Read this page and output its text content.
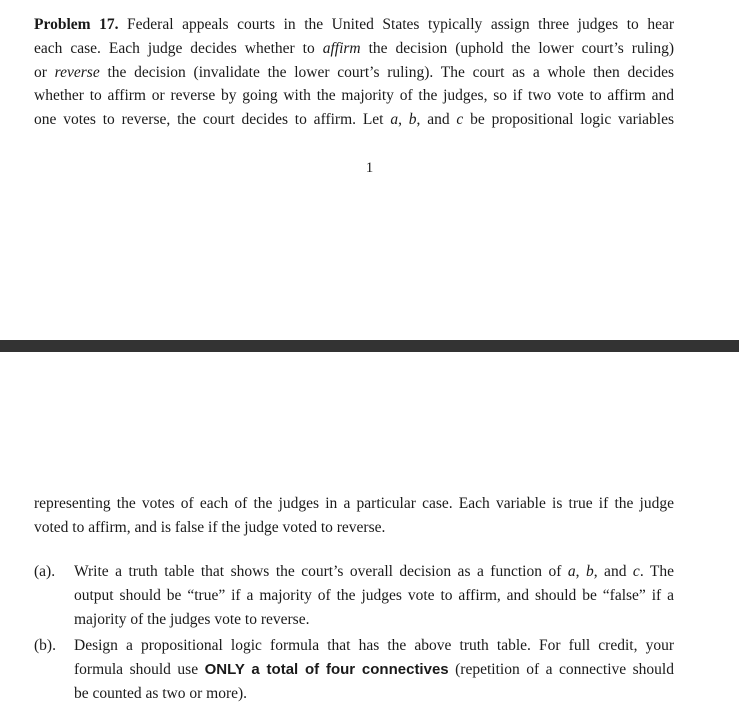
Problem 17. Federal appeals courts in the United States typically assign three judges to hear
each case. Each judge decides whether to affirm the decision (uphold the lower court’s ruling)
or reverse the decision (invalidate the lower court’s ruling). The court as a whole then decides
whether to affirm or reverse by going with the majority of the judges, so if two vote to affirm and
one votes to reverse, the court decides to affirm. Let a, b, and c be propositional logic variables
1
representing the votes of each of the judges in a particular case. Each variable is true if the judge
voted to affirm, and is false if the judge voted to reverse.
(a). Write a truth table that shows the court’s overall decision as a function of a, b, and c. The
output should be “true” if a majority of the judges vote to affirm, and should be “false” if a
majority of the judges vote to reverse.
(b). Design a propositional logic formula that has the above truth table. For full credit, your
formula should use ONLY a total of four connectives (repetition of a connective should
be counted as two or more).
